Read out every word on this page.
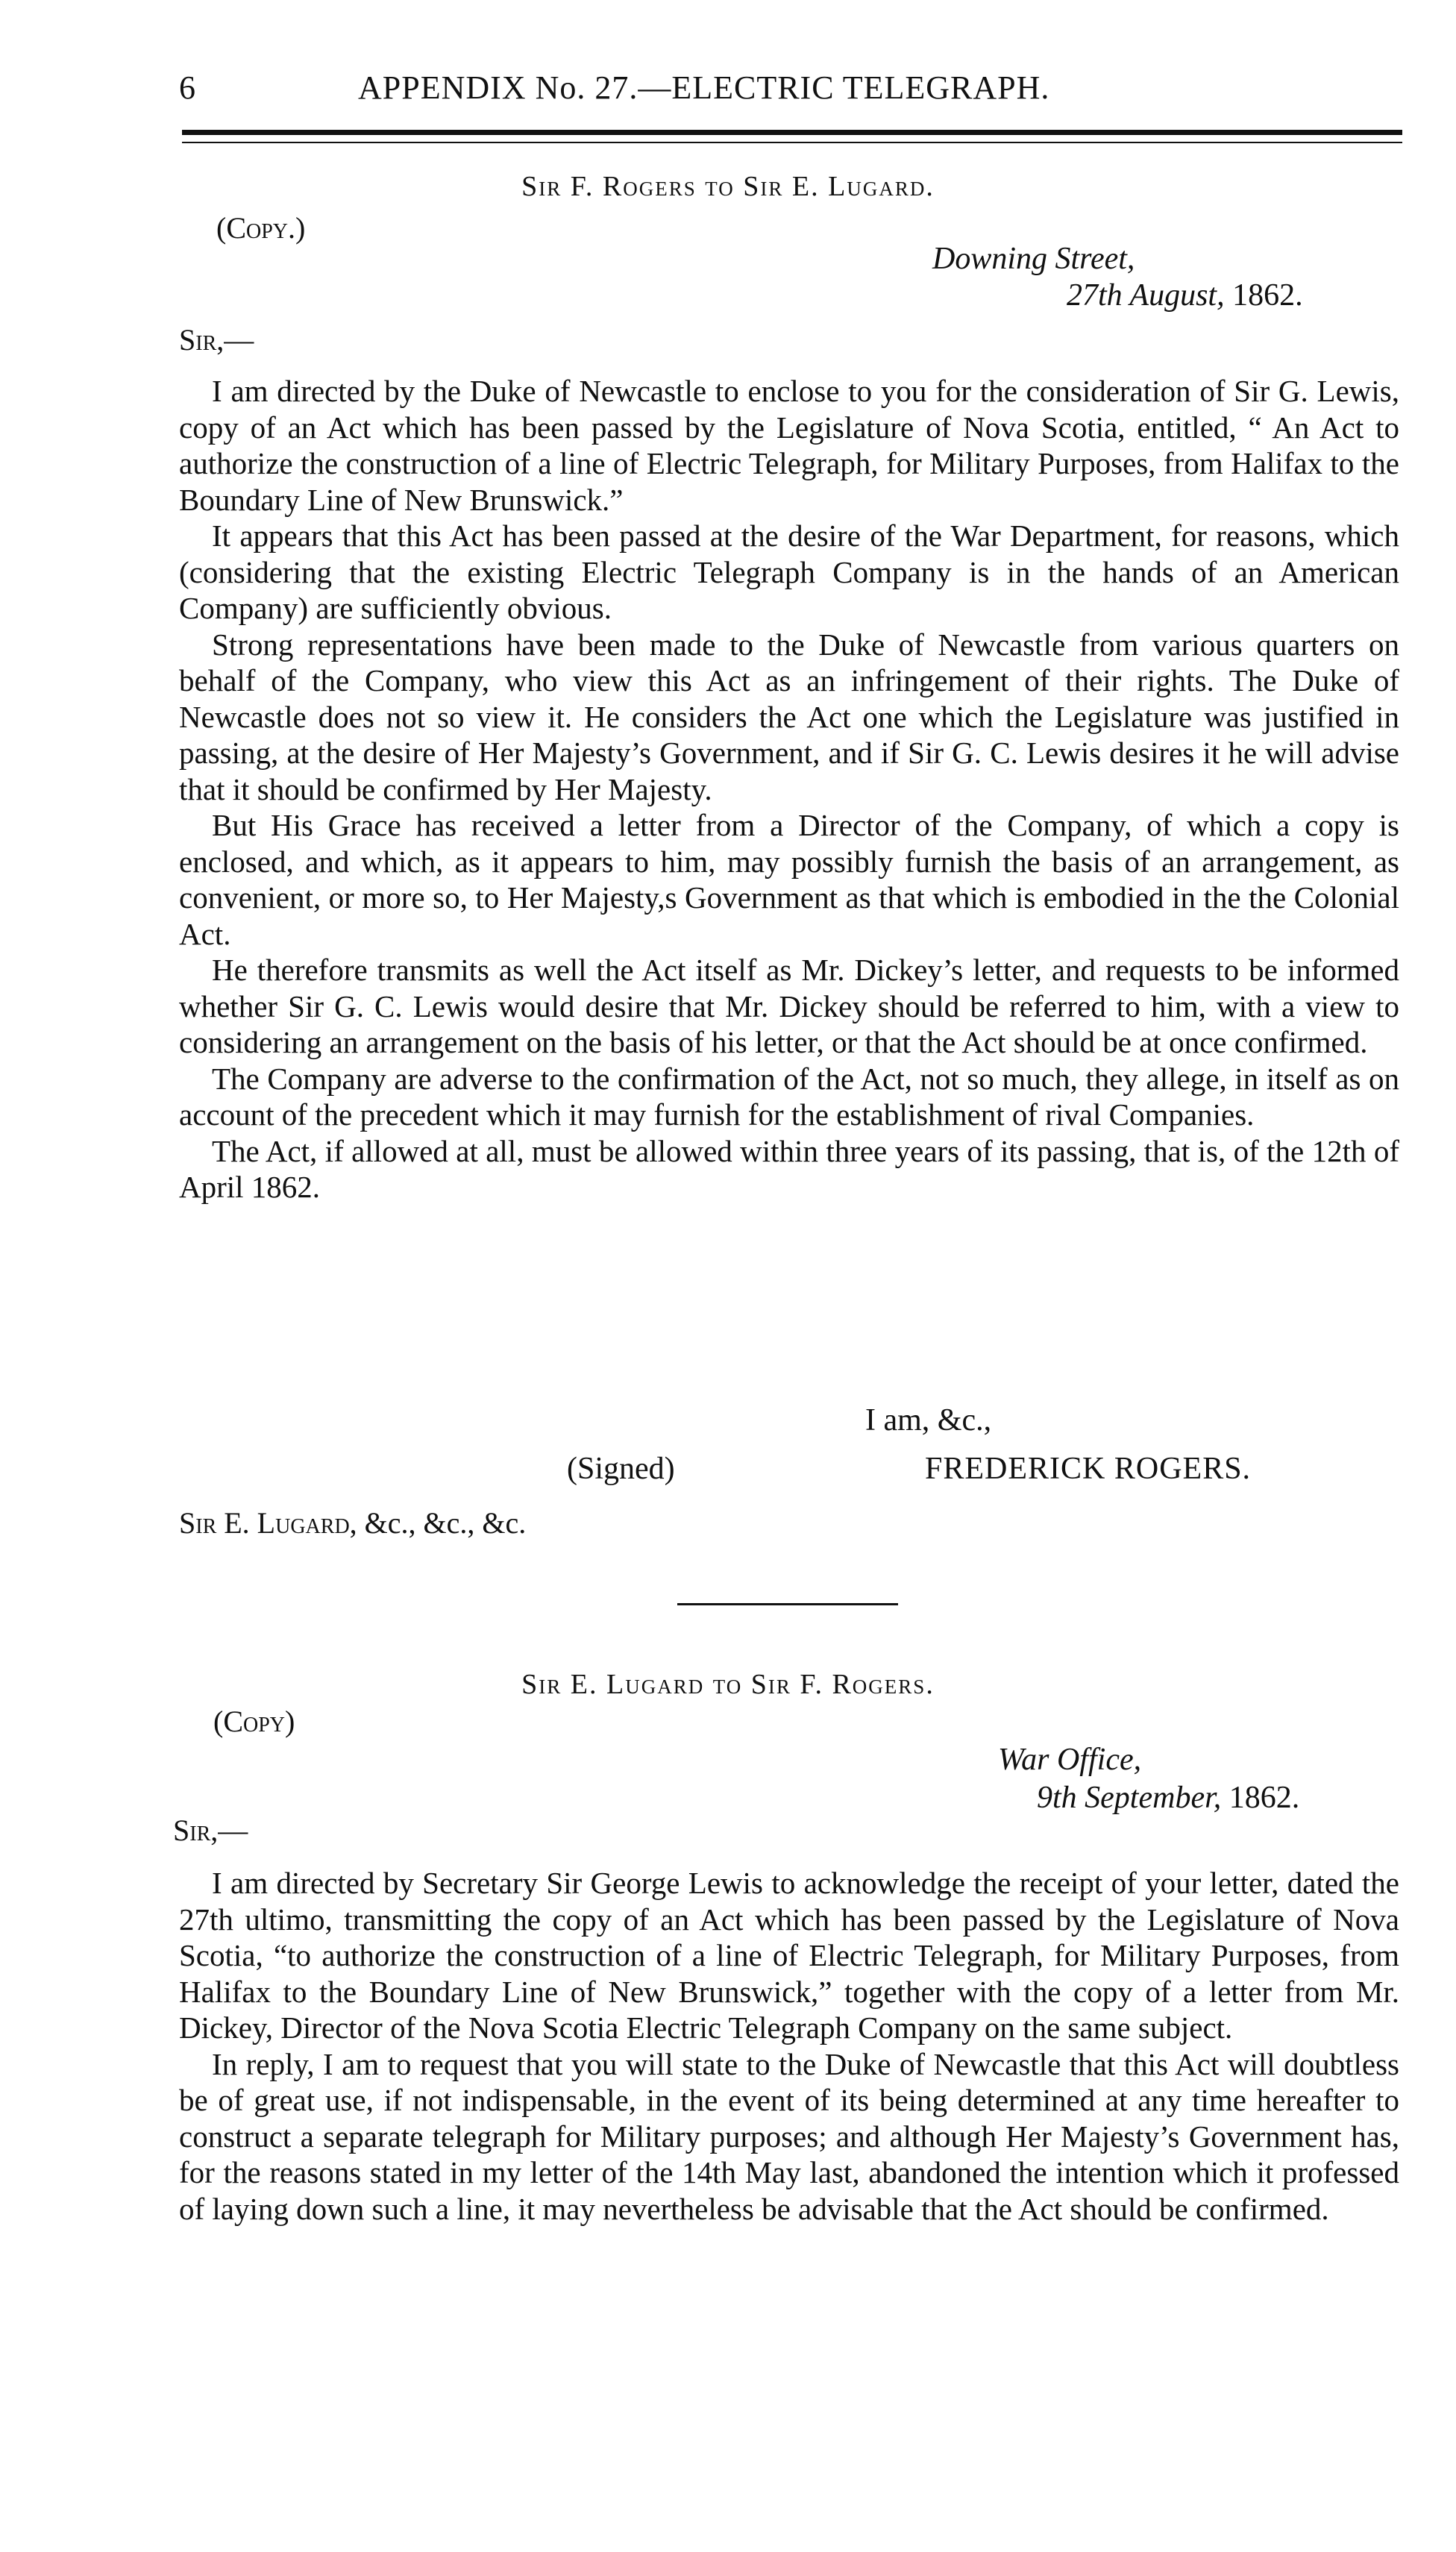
6	APPENDIX No. 27.—ELECTRIC TELEGRAPH.
Sir F. Rogers to Sir E. Lugard.
(Copy.)
Downing Street,
27th August, 1862.
Sir,—

I am directed by the Duke of Newcastle to enclose to you for the consideration of Sir G. Lewis, copy of an Act which has been passed by the Legislature of Nova Scotia, entitled, “ An Act to authorize the construction of a line of Electric Telegraph, for Military Purposes, from Halifax to the Boundary Line of New Brunswick.”

It appears that this Act has been passed at the desire of the War Department, for reasons, which (considering that the existing Electric Telegraph Company is in the hands of an American Company) are sufficiently obvious.

Strong representations have been made to the Duke of Newcastle from various quarters on behalf of the Company, who view this Act as an infringement of their rights. The Duke of Newcastle does not so view it. He considers the Act one which the Legislature was justified in passing, at the desire of Her Majesty’s Government, and if Sir G. C. Lewis desires it he will advise that it should be confirmed by Her Majesty.

But His Grace has received a letter from a Director of the Company, of which a copy is enclosed, and which, as it appears to him, may possibly furnish the basis of an arrangement, as convenient, or more so, to Her Majesty,s Government as that which is embodied in the the Colonial Act.

He therefore transmits as well the Act itself as Mr. Dickey’s letter, and requests to be informed whether Sir G. C. Lewis would desire that Mr. Dickey should be referred to him, with a view to considering an arrangement on the basis of his letter, or that the Act should be at once confirmed.

The Company are adverse to the confirmation of the Act, not so much, they allege, in itself as on account of the precedent which it may furnish for the establishment of rival Companies.

The Act, if allowed at all, must be allowed within three years of its passing, that is, of the 12th of April 1862.

I am, &c.,
(Signed)	FREDERICK ROGERS.
Sir E. Lugard, &c., &c., &c.
Sir E. Lugard to Sir F. Rogers.
(Copy)
War Office,
9th September, 1862.
Sir,—

I am directed by Secretary Sir George Lewis to acknowledge the receipt of your letter, dated the 27th ultimo, transmitting the copy of an Act which has been passed by the Legislature of Nova Scotia, “to authorize the construction of a line of Electric Telegraph, for Military Purposes, from Halifax to the Boundary Line of New Brunswick,” together with the copy of a letter from Mr. Dickey, Director of the Nova Scotia Electric Telegraph Company on the same subject.

In reply, I am to request that you will state to the Duke of Newcastle that this Act will doubtless be of great use, if not indispensable, in the event of its being determined at any time hereafter to construct a separate telegraph for Military purposes; and although Her Majesty’s Government has, for the reasons stated in my letter of the 14th May last, abandoned the intention which it professed of laying down such a line, it may nevertheless be advisable that the Act should be confirmed.
